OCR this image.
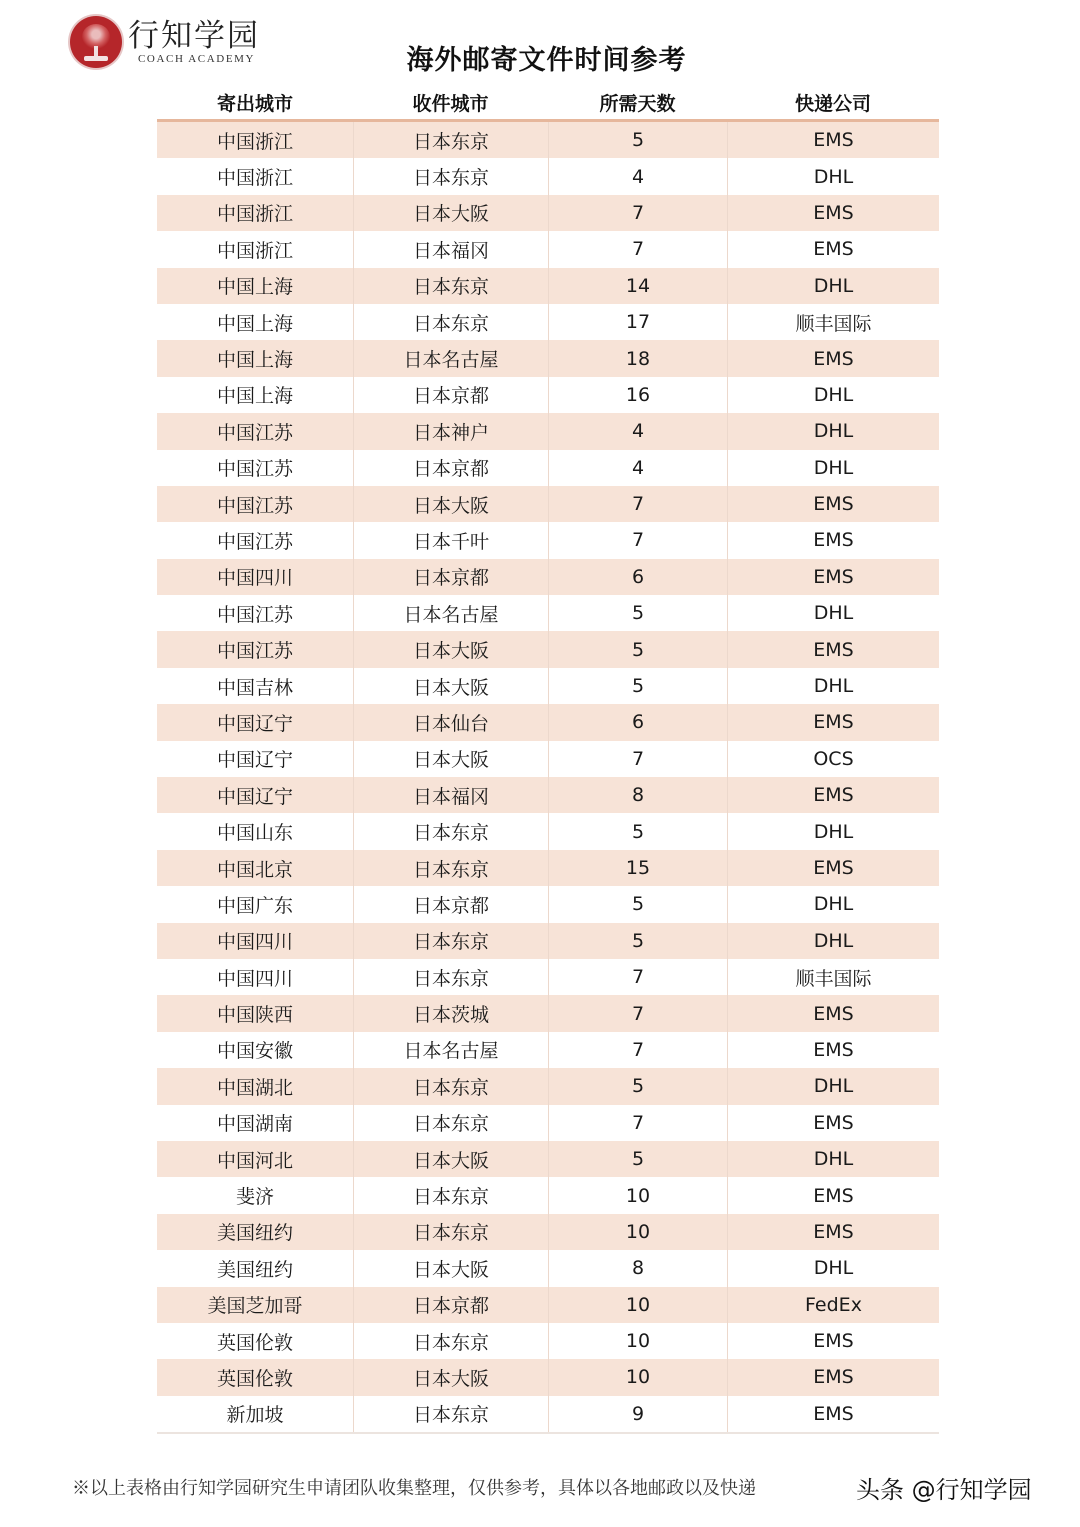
行知学园
COACH ACADEMY	海外邮寄文件时间参考
寄出城市	收件城市	所需天数	快递公司
中国浙江	日本东京	5	EMS
中国浙江	日本东京	4	DHL
中国浙江	日本大阪	7	EMS
中国浙江	日本福冈	7	EMS
中国上海	日本东京	14	DHL
中国上海	日本东京	17	顺丰国际
中国上海	日本名古屋	18	EMS
中国上海	日本京都	16	DHL
中国江苏	日本神户	4	DHL
中国江苏	日本京都	4	DHL
中国江苏	日本大阪	7	EMS
中国江苏	日本千叶	7	EMS
中国四川	日本京都	6	EMS
中国江苏	日本名古屋	5	DHL
中国江苏	日本大阪	5	EMS
中国吉林	日本大阪	5	DHL
中国辽宁	日本仙台	6	EMS
中国辽宁	日本大阪	7	OCS
中国辽宁	日本福冈	8	EMS
中国山东	日本东京	5	DHL
中国北京	日本东京	15	EMS
中国广东	日本京都	5	DHL
中国四川	日本东京	5	DHL
中国四川	日本东京	7	顺丰国际
中国陕西	日本茨城	7	EMS
中国安徽	日本名古屋	7	EMS
中国湖北	日本东京	5	DHL
中国湖南	日本东京	7	EMS
中国河北	日本大阪	5	DHL
斐济	日本东京	10	EMS
美国纽约	日本东京	10	EMS
美国纽约	日本大阪	8	DHL
美国芝加哥	日本京都	10	FedEx
英国伦敦	日本东京	10	EMS
英国伦敦	日本大阪	10	EMS
新加坡	日本东京	9	EMS
※以上表格由行知学园研究生申请团队收集整理，仅供参考，具体以各地邮政以及快递	头条 @行知学园
